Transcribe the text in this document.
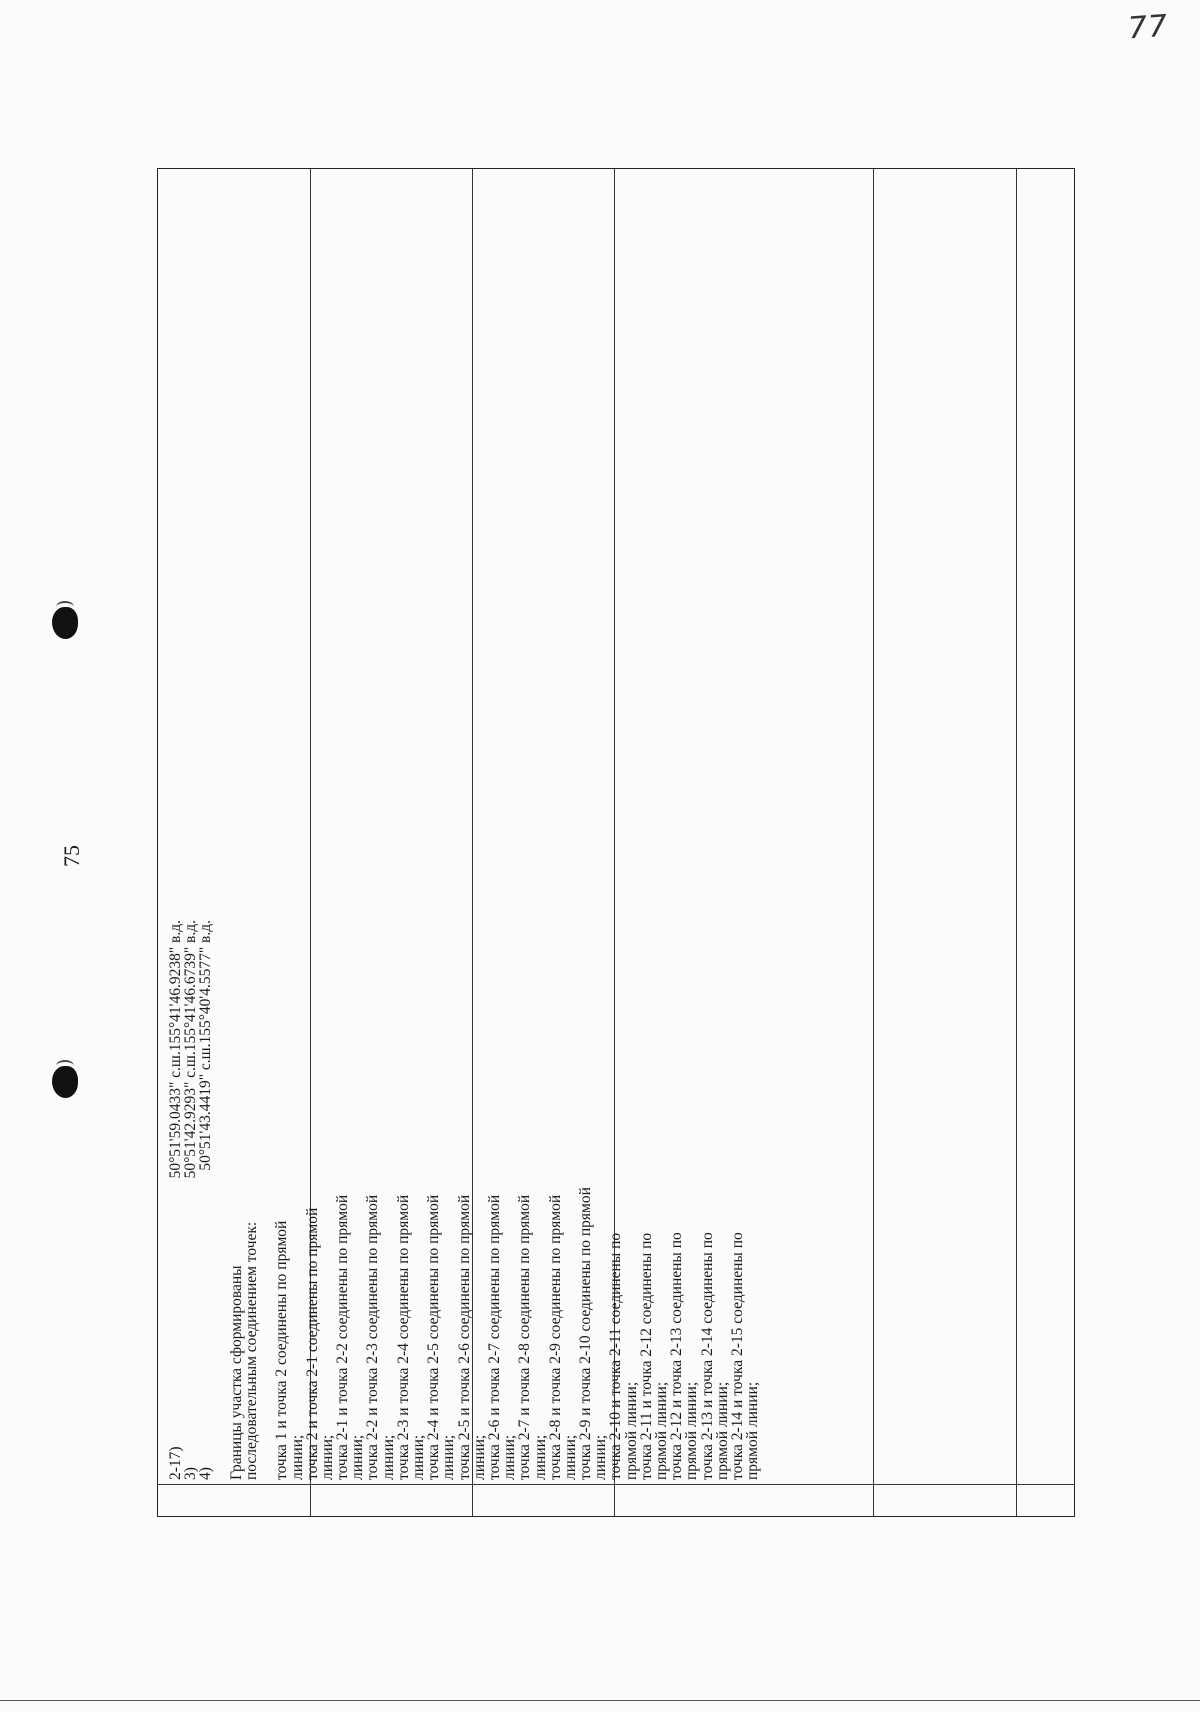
77
75
2-17)
50°51'59.0433" с.ш.155°41'46.9238" в.д.
3)
50°51'42.9293" с.ш.155°41'46.6739" в.д.
4)
50°51'43.4419" с.ш.155°40'4.5577" в.д.
Границы участка сформированы
последовательным соединением точек: точка 1 и точка 2 соединены по прямой
линии;
точка 2 и точка 2-1 соединены по прямой
линии;
точка 2-1 и точка 2-2 соединены по прямой
линии;
точка 2-2 и точка 2-3 соединены по прямой
линии;
точка 2-3 и точка 2-4 соединены по прямой
линии;
точка 2-4 и точка 2-5 соединены по прямой
линии;
точка 2-5 и точка 2-6 соединены по прямой
линии;
точка 2-6 и точка 2-7 соединены по прямой
линии;
точка 2-7 и точка 2-8 соединены по прямой
линии;
точка 2-8 и точка 2-9 соединены по прямой
линии;
точка 2-9 и точка 2-10 соединены по прямой
линии;
точка 2-10 и точка 2-11 соединены по
прямой линии;
точка 2-11 и точка 2-12 соединены по
прямой линии;
точка 2-12 и точка 2-13 соединены по
прямой линии;
точка 2-13 и точка 2-14 соединены по
прямой линии;
точка 2-14 и точка 2-15 соединены по
прямой линии;
